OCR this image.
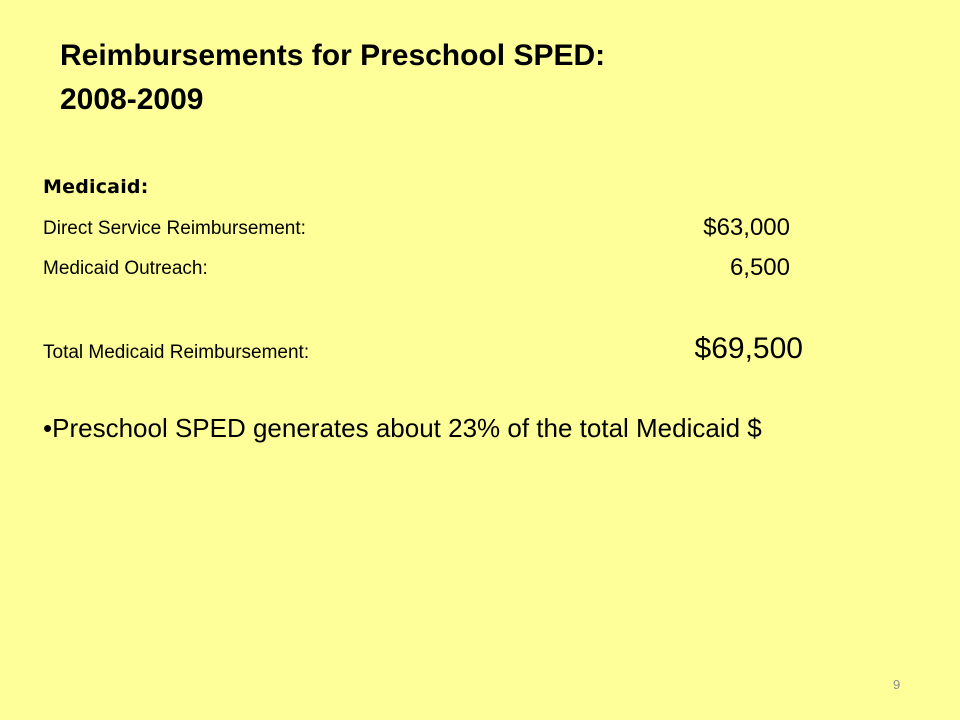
Reimbursements for Preschool SPED:
2008-2009
Medicaid:
Direct Service Reimbursement:	$63,000
Medicaid Outreach:	6,500
Total Medicaid Reimbursement:	$69,500
•Preschool SPED generates about 23% of the total Medicaid $
9
